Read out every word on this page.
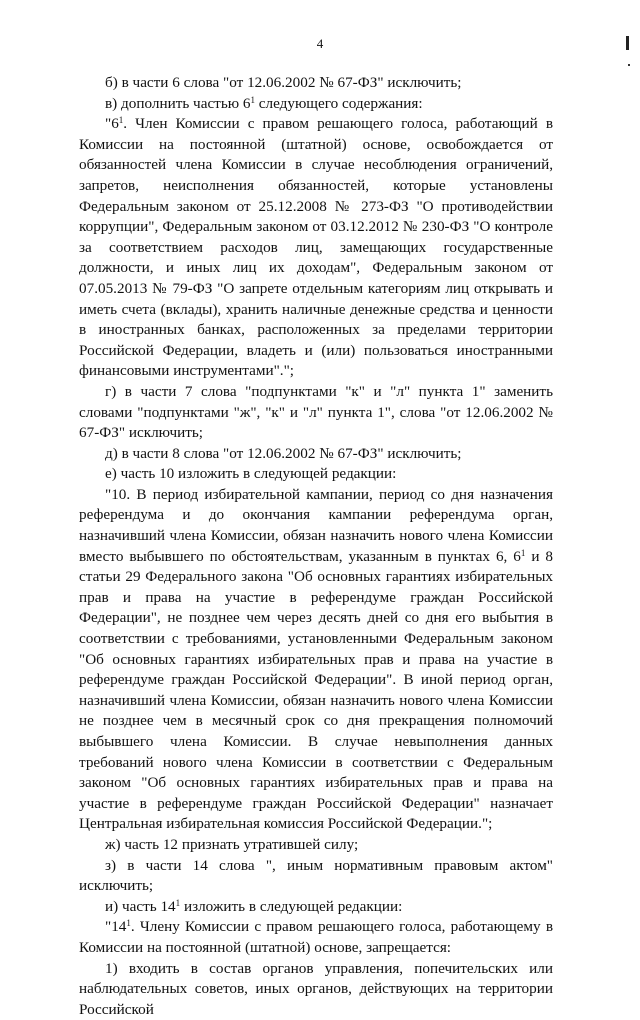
4

б) в части 6 слова "от 12.06.2002 № 67-ФЗ" исключить;

в) дополнить частью $6^1$ следующего содержания:

"$6^1$. Член Комиссии с правом решающего голоса, работающий в Комиссии на постоянной (штатной) основе, освобождается от обязанностей члена Комиссии в случае несоблюдения ограничений, запретов, неисполнения обязанностей, которые установлены Федеральным законом от 25.12.2008 № 273-ФЗ "О противодействии коррупции", Федеральным законом от 03.12.2012 № 230-ФЗ "О контроле за соответствием расходов лиц, замещающих государственные должности, и иных лиц их доходам", Федеральным законом от 07.05.2013 № 79-ФЗ "О запрете отдельным категориям лиц открывать и иметь счета (вклады), хранить наличные денежные средства и ценности в иностранных банках, расположенных за пределами территории Российской Федерации, владеть и (или) пользоваться иностранными финансовыми инструментами".";

г) в части 7 слова "подпунктами "к" и "л" пункта 1" заменить словами "подпунктами "ж", "к" и "л" пункта 1", слова "от 12.06.2002 № 67-ФЗ" исключить;

д) в части 8 слова "от 12.06.2002 № 67-ФЗ" исключить;

е) часть 10 изложить в следующей редакции:

"10. В период избирательной кампании, период со дня назначения референдума и до окончания кампании референдума орган, назначивший члена Комиссии, обязан назначить нового члена Комиссии вместо выбывшего по обстоятельствам, указанным в пунктах 6, $6^1$ и 8 статьи 29 Федерального закона "Об основных гарантиях избирательных прав и права на участие в референдуме граждан Российской Федерации", не позднее чем через десять дней со дня его выбытия в соответствии с требованиями, установленными Федеральным законом "Об основных гарантиях избирательных прав и права на участие в референдуме граждан Российской Федерации". В иной период орган, назначивший члена Комиссии, обязан назначить нового члена Комиссии не позднее чем в месячный срок со дня прекращения полномочий выбывшего члена Комиссии. В случае невыполнения данных требований нового члена Комиссии в соответствии с Федеральным законом "Об основных гарантиях избирательных прав и права на участие в референдуме граждан Российской Федерации" назначает Центральная избирательная комиссия Российской Федерации.";

ж) часть 12 признать утратившей силу;

з) в части 14 слова ", иным нормативным правовым актом" исключить;

и) часть $14^1$ изложить в следующей редакции:

"$14^1$. Члену Комиссии с правом решающего голоса, работающему в Комиссии на постоянной (штатной) основе, запрещается:

1) входить в состав органов управления, попечительских или наблюдательных советов, иных органов, действующих на территории Российской
